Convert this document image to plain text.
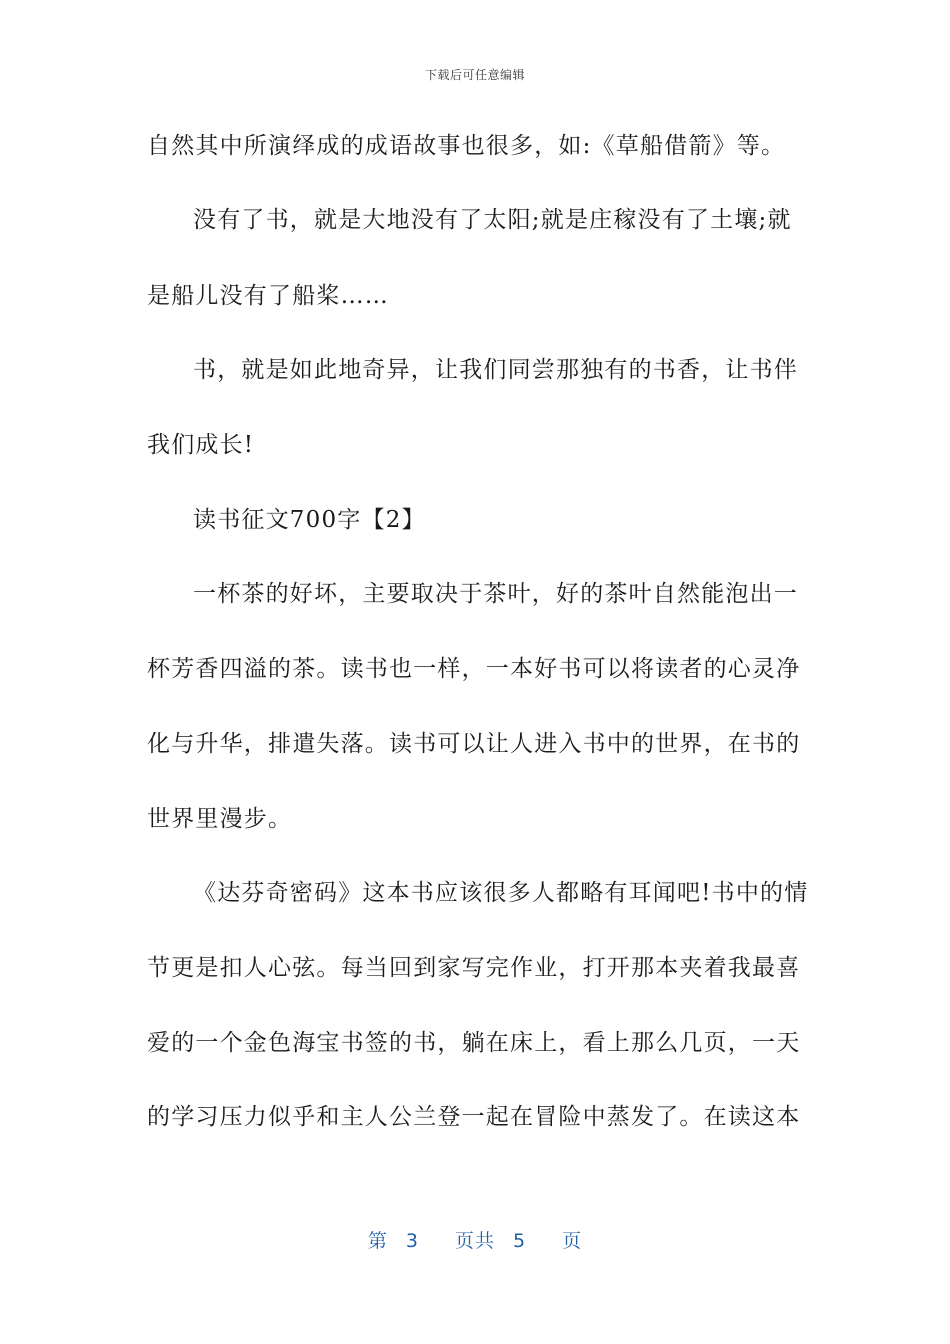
下载后可任意编辑
自然其中所演绎成的成语故事也很多，如:《草船借箭》等。
没有了书，就是大地没有了太阳;就是庄稼没有了土壤;就
是船儿没有了船桨……
书，就是如此地奇异，让我们同尝那独有的书香，让书伴
我们成长!
读书征文700字【2】
一杯茶的好坏，主要取决于茶叶，好的茶叶自然能泡出一
杯芳香四溢的茶。读书也一样，一本好书可以将读者的心灵净
化与升华，排遣失落。读书可以让人进入书中的世界，在书的
世界里漫步。
《达芬奇密码》这本书应该很多人都略有耳闻吧!书中的情
节更是扣人心弦。每当回到家写完作业，打开那本夹着我最喜
爱的一个金色海宝书签的书，躺在床上，看上那么几页，一天
的学习压力似乎和主人公兰登一起在冒险中蒸发了。在读这本
第 3 页共 5 页
